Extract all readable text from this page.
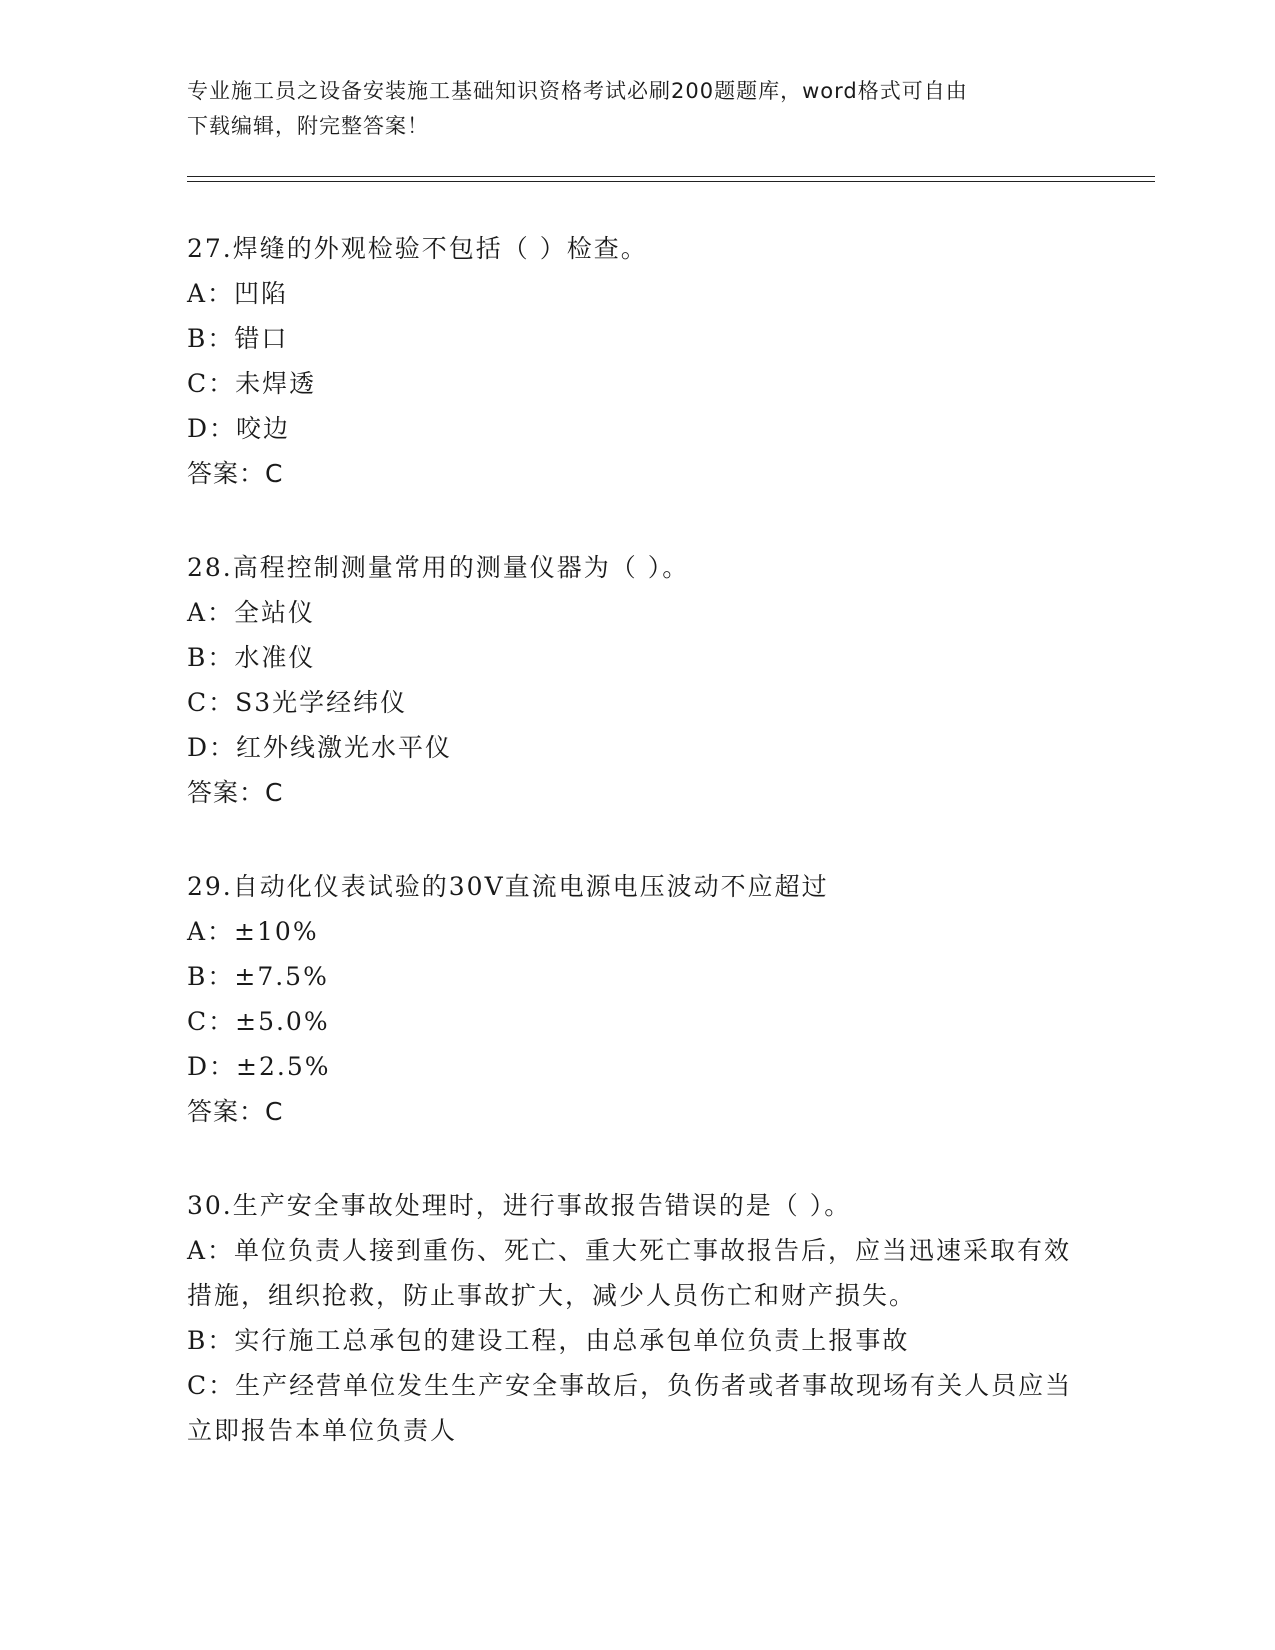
专业施工员之设备安装施工基础知识资格考试必刷200题题库，word格式可自由
下载编辑，附完整答案！
27.焊缝的外观检验不包括（ ）检查。
A：凹陷
B：错口
C：未焊透
D：咬边
答案：C
28.高程控制测量常用的测量仪器为（ ）。
A：全站仪
B：水准仪
C：S3光学经纬仪
D：红外线激光水平仪
答案：C
29.自动化仪表试验的30V直流电源电压波动不应超过
A：±10%
B：±7.5%
C：±5.0%
D：±2.5%
答案：C
30.生产安全事故处理时，进行事故报告错误的是（ ）。
A：单位负责人接到重伤、死亡、重大死亡事故报告后，应当迅速采取有效措施，组织抢救，防止事故扩大，减少人员伤亡和财产损失。
B：实行施工总承包的建设工程，由总承包单位负责上报事故
C：生产经营单位发生生产安全事故后，负伤者或者事故现场有关人员应当立即报告本单位负责人
